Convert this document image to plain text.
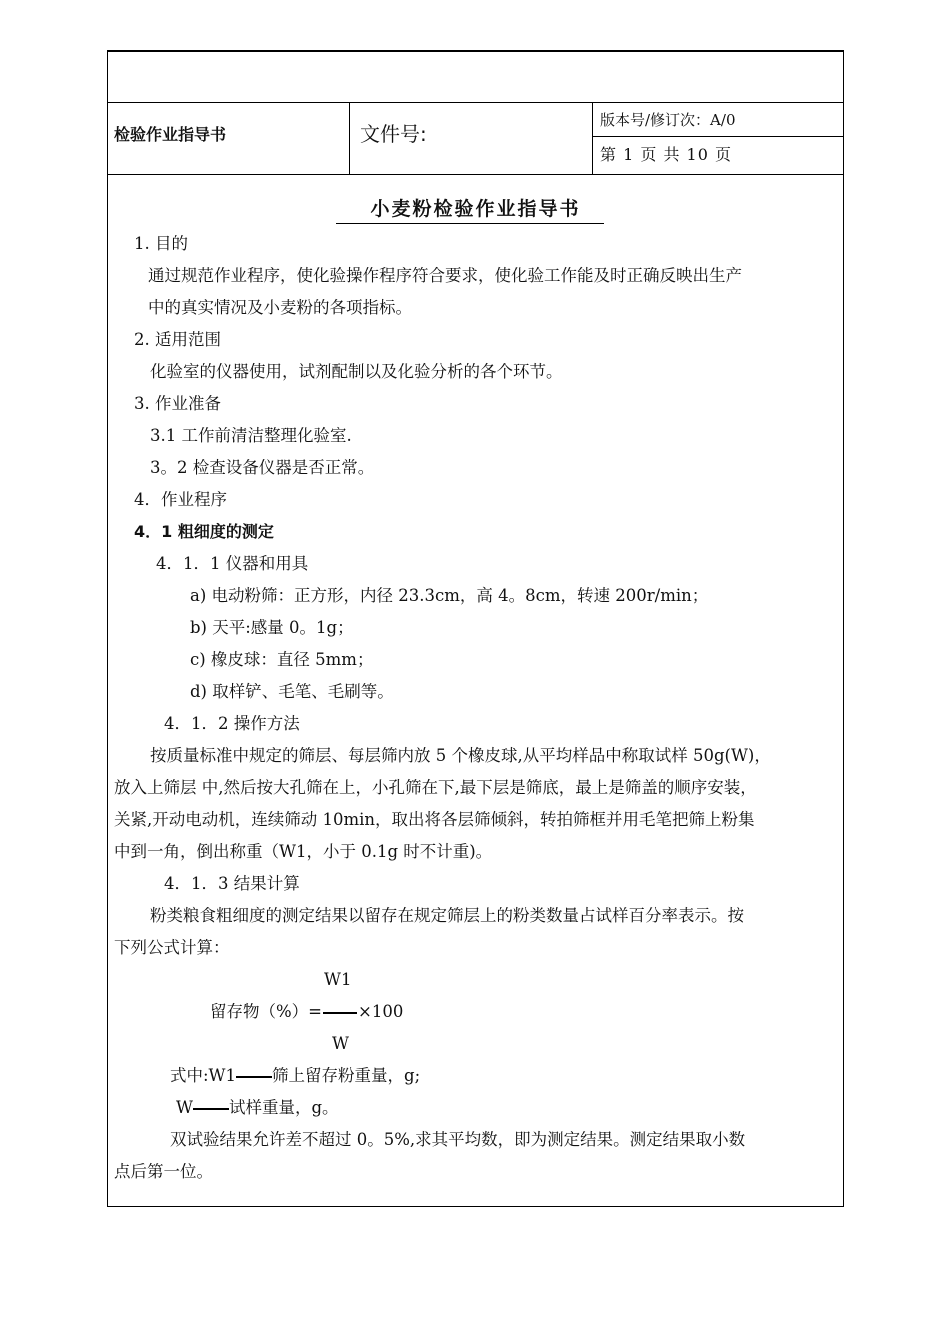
检验作业指导书	文件号:
版本号/修订次：A/0
第 1 页 共 10 页
小麦粉检验作业指导书
1. 目的
通过规范作业程序，使化验操作程序符合要求，使化验工作能及时正确反映出生产
中的真实情况及小麦粉的各项指标。
2. 适用范围
化验室的仪器使用，试剂配制以及化验分析的各个环节。
3. 作业准备
3.1 工作前清洁整理化验室.
3。2 检查设备仪器是否正常。
4．作业程序
4．1 粗细度的测定
4．1．1 仪器和用具
a) 电动粉筛：正方形，内径 23.3cm，高 4。8cm，转速 200r/min；
b) 天平:感量 0。1g；
c) 橡皮球：直径 5mm；
d) 取样铲、毛笔、毛刷等。
4．1．2 操作方法
按质量标准中规定的筛层、每层筛内放 5 个橡皮球,从平均样品中称取试样 50g(W)，
放入上筛层 中,然后按大孔筛在上，小孔筛在下,最下层是筛底，最上是筛盖的顺序安装，
关紧,开动电动机，连续筛动 10min，取出将各层筛倾斜，转拍筛框并用毛笔把筛上粉集
中到一角，倒出称重（W1，小于 0.1g 时不计重)。
4．1．3 结果计算
粉类粮食粗细度的测定结果以留存在规定筛层上的粉类数量占试样百分率表示。按
下列公式计算：
W1
留存物（%）= ×100
W
式中:W1 筛上留存粉重量，g;
W 试样重量，g。
双试验结果允许差不超过 0。5%,求其平均数，即为测定结果。测定结果取小数
点后第一位。
